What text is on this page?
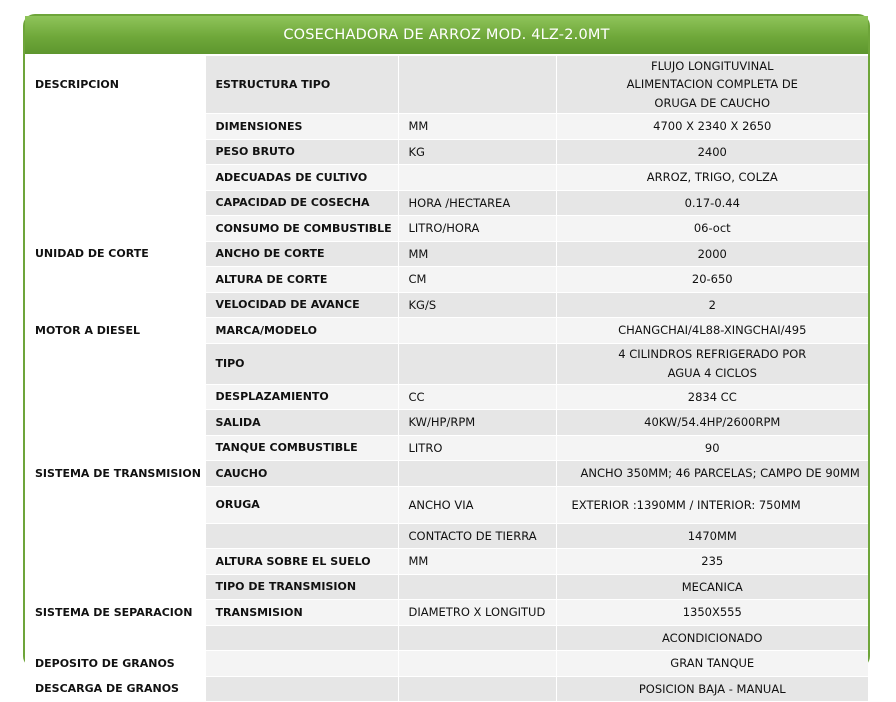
COSECHADORA DE ARROZ MOD. 4LZ-2.0MT
DESCRIPCION	ESTRUCTURA TIPO		FLUJO LONGITUVINAL
ALIMENTACION COMPLETA DE
ORUGA DE CAUCHO

	DIMENSIONES	MM	4700 X 2340 X 2650
	PESO BRUTO	KG	2400
	ADECUADAS DE CULTIVO		ARROZ, TRIGO, COLZA
	CAPACIDAD DE COSECHA	HORA /HECTAREA	0.17-0.44
	CONSUMO DE COMBUSTIBLE	LITRO/HORA	06-oct
UNIDAD DE CORTE	ANCHO DE CORTE	MM	2000
	ALTURA DE CORTE	CM	20-650
	VELOCIDAD DE AVANCE	KG/S	2
MOTOR A DIESEL	MARCA/MODELO		CHANGCHAI/4L88-XINGCHAI/495
	TIPO		4 CILINDROS REFRIGERADO POR
AGUA 4 CICLOS

	DESPLAZAMIENTO	CC	2834 CC
	SALIDA	KW/HP/RPM	40KW/54.4HP/2600RPM
	TANQUE COMBUSTIBLE	LITRO	90
SISTEMA DE TRANSMISION	CAUCHO		ANCHO 350MM; 46 PARCELAS; CAMPO DE 90MM
	ORUGA	ANCHO VIA	EXTERIOR :1390MM / INTERIOR: 750MM
		CONTACTO DE TIERRA	1470MM
	ALTURA SOBRE EL SUELO	MM	235
	TIPO DE TRANSMISION		MECANICA
SISTEMA DE SEPARACION	TRANSMISION	DIAMETRO X LONGITUD	1350X555
			ACONDICIONADO
DEPOSITO DE GRANOS			GRAN TANQUE
DESCARGA DE GRANOS			POSICION BAJA - MANUAL
